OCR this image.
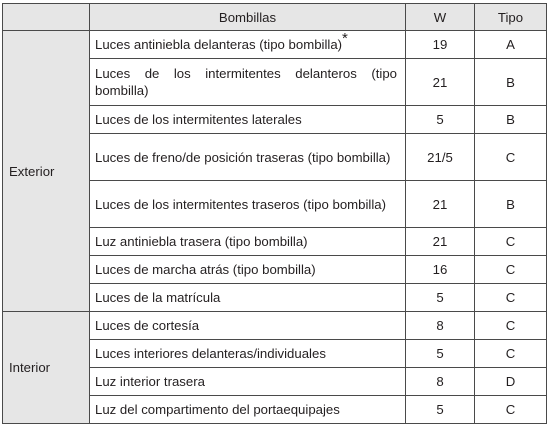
	Bombillas	W	Tipo
Exterior	Luces antiniebla delanteras (tipo bombilla)*	19	A
	Luces de los intermitentes delanteros (tipo bombilla)	21	B
	Luces de los intermitentes laterales	5	B
	Luces de freno/de posición traseras (tipo bombilla)	21/5	C
	Luces de los intermitentes traseros (tipo bombilla)	21	B
	Luz antiniebla trasera (tipo bombilla)	21	C
	Luces de marcha atrás (tipo bombilla)	16	C
	Luces de la matrícula	5	C
Interior	Luces de cortesía	8	C
	Luces interiores delanteras/individuales	5	C
	Luz interior trasera	8	D
	Luz del compartimento del portaequipajes	5	C
